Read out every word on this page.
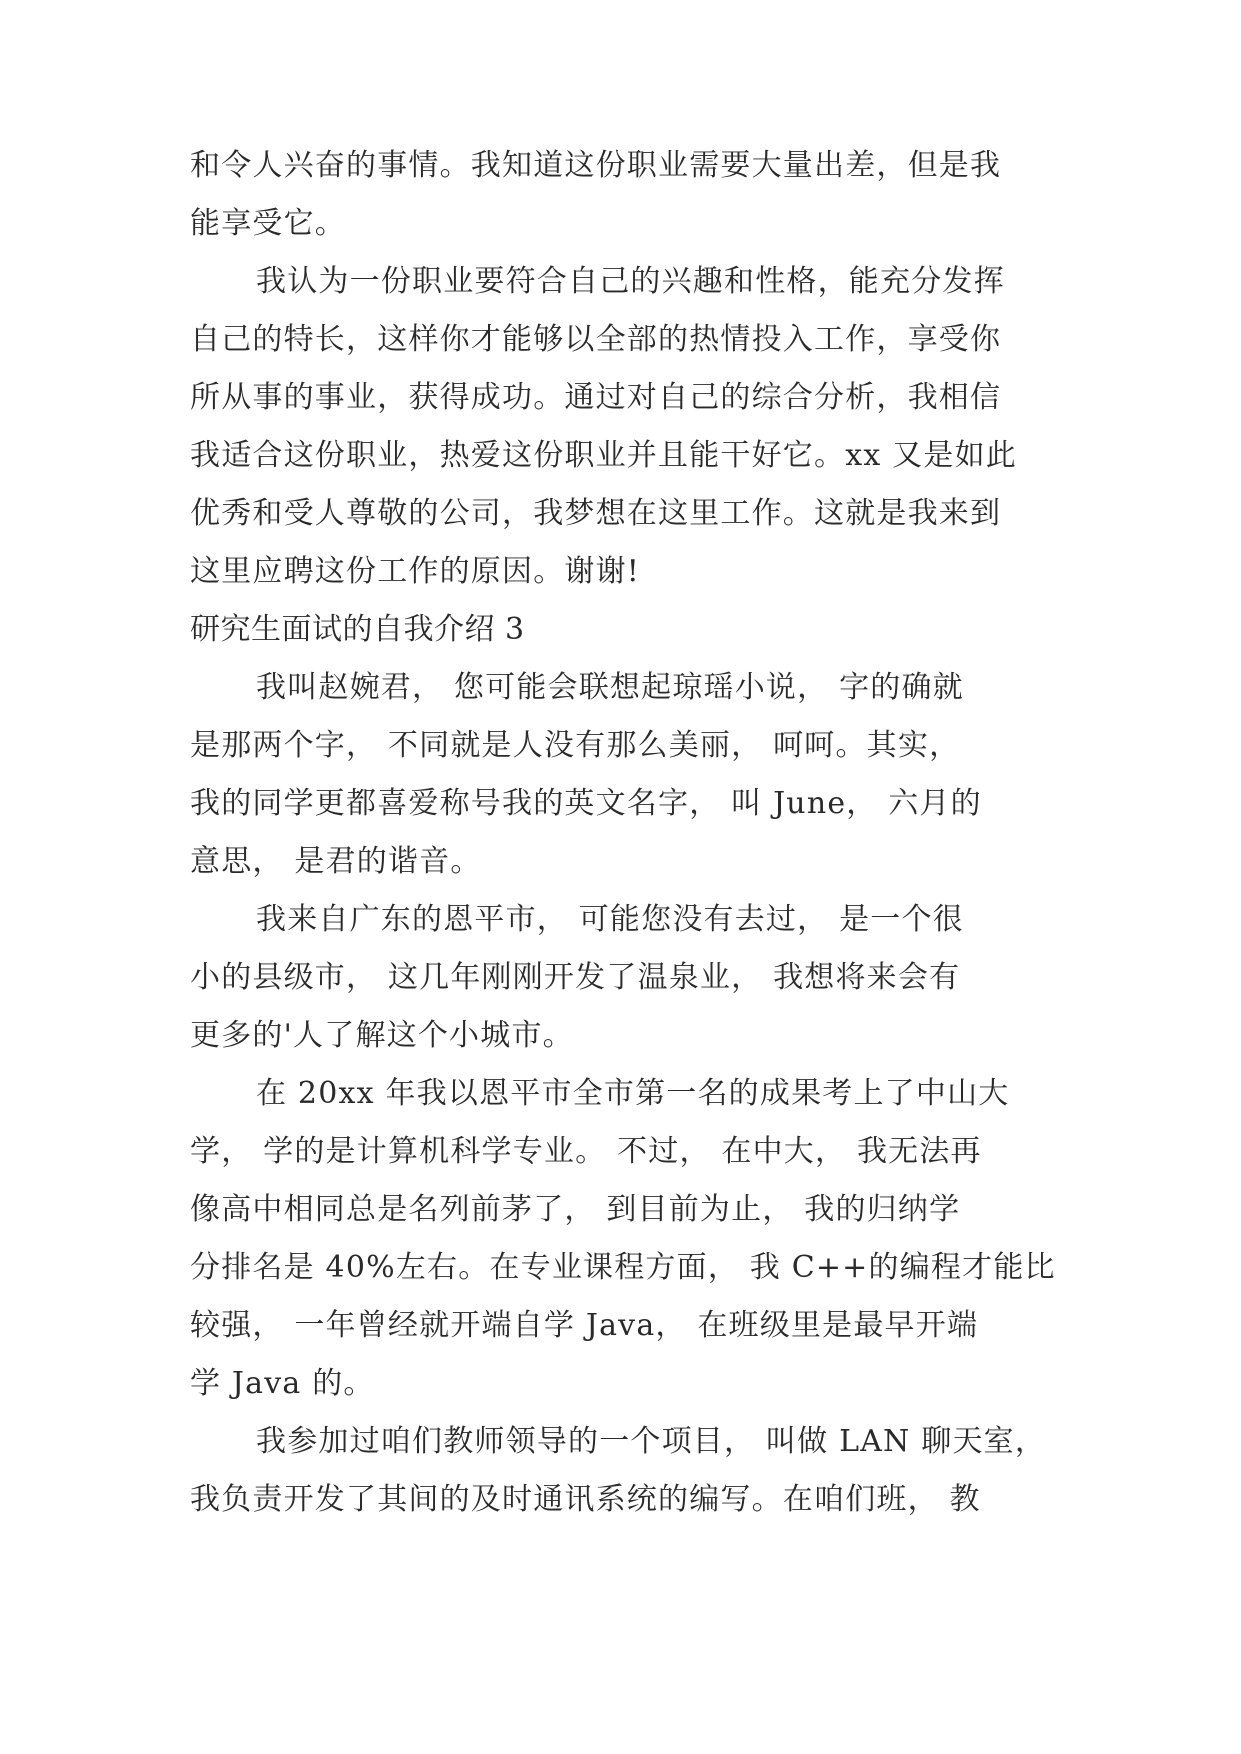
和令人兴奋的事情。我知道这份职业需要大量出差，但是我
能享受它。
我认为一份职业要符合自己的兴趣和性格，能充分发挥
自己的特长，这样你才能够以全部的热情投入工作，享受你
所从事的事业，获得成功。通过对自己的综合分析，我相信
我适合这份职业，热爱这份职业并且能干好它。xx 又是如此
优秀和受人尊敬的公司，我梦想在这里工作。这就是我来到
这里应聘这份工作的原因。谢谢!
研究生面试的自我介绍 3
我叫赵婉君， 您可能会联想起琼瑶小说， 字的确就
是那两个字， 不同就是人没有那么美丽， 呵呵。其实，
我的同学更都喜爱称号我的英文名字， 叫 June， 六月的
意思， 是君的谐音。
我来自广东的恩平市， 可能您没有去过， 是一个很
小的县级市， 这几年刚刚开发了温泉业， 我想将来会有
更多的'人了解这个小城市。
在 20xx 年我以恩平市全市第一名的成果考上了中山大
学， 学的是计算机科学专业。 不过， 在中大， 我无法再
像高中相同总是名列前茅了， 到目前为止， 我的归纳学
分排名是 40%左右。在专业课程方面， 我 C++的编程才能比
较强， 一年曾经就开端自学 Java， 在班级里是最早开端
学 Java 的。
我参加过咱们教师领导的一个项目， 叫做 LAN 聊天室，
我负责开发了其间的及时通讯系统的编写。在咱们班， 教
